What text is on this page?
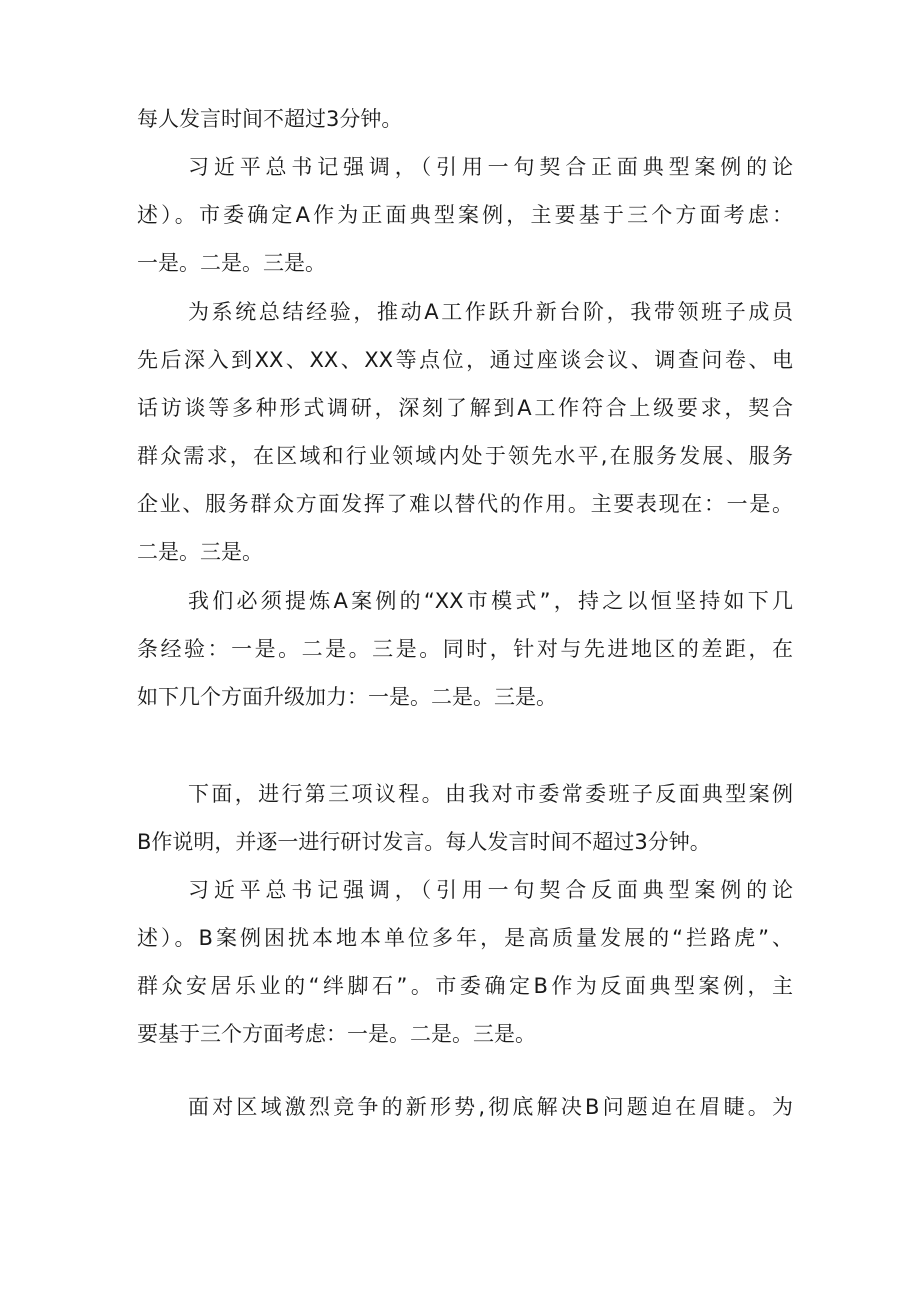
每人发言时间不超过3分钟。
习近平总书记强调，（引用一句契合正面典型案例的论
述）。市委确定A作为正面典型案例，主要基于三个方面考虑：
一是。二是。三是。
为系统总结经验，推动A工作跃升新台阶，我带领班子成员
先后深入到XX、XX、XX等点位，通过座谈会议、调查问卷、电
话访谈等多种形式调研，深刻了解到A工作符合上级要求，契合
群众需求，在区域和行业领域内处于领先水平,在服务发展、服务
企业、服务群众方面发挥了难以替代的作用。主要表现在：一是。
二是。三是。
我们必须提炼A案例的“XX市模式”，持之以恒坚持如下几
条经验：一是。二是。三是。同时，针对与先进地区的差距，在
如下几个方面升级加力：一是。二是。三是。
下面，进行第三项议程。由我对市委常委班子反面典型案例
B作说明，并逐一进行研讨发言。每人发言时间不超过3分钟。
习近平总书记强调，（引用一句契合反面典型案例的论
述）。B案例困扰本地本单位多年，是高质量发展的“拦路虎”、
群众安居乐业的“绊脚石”。市委确定B作为反面典型案例，主
要基于三个方面考虑：一是。二是。三是。
面对区域激烈竞争的新形势,彻底解决B问题迫在眉睫。为
